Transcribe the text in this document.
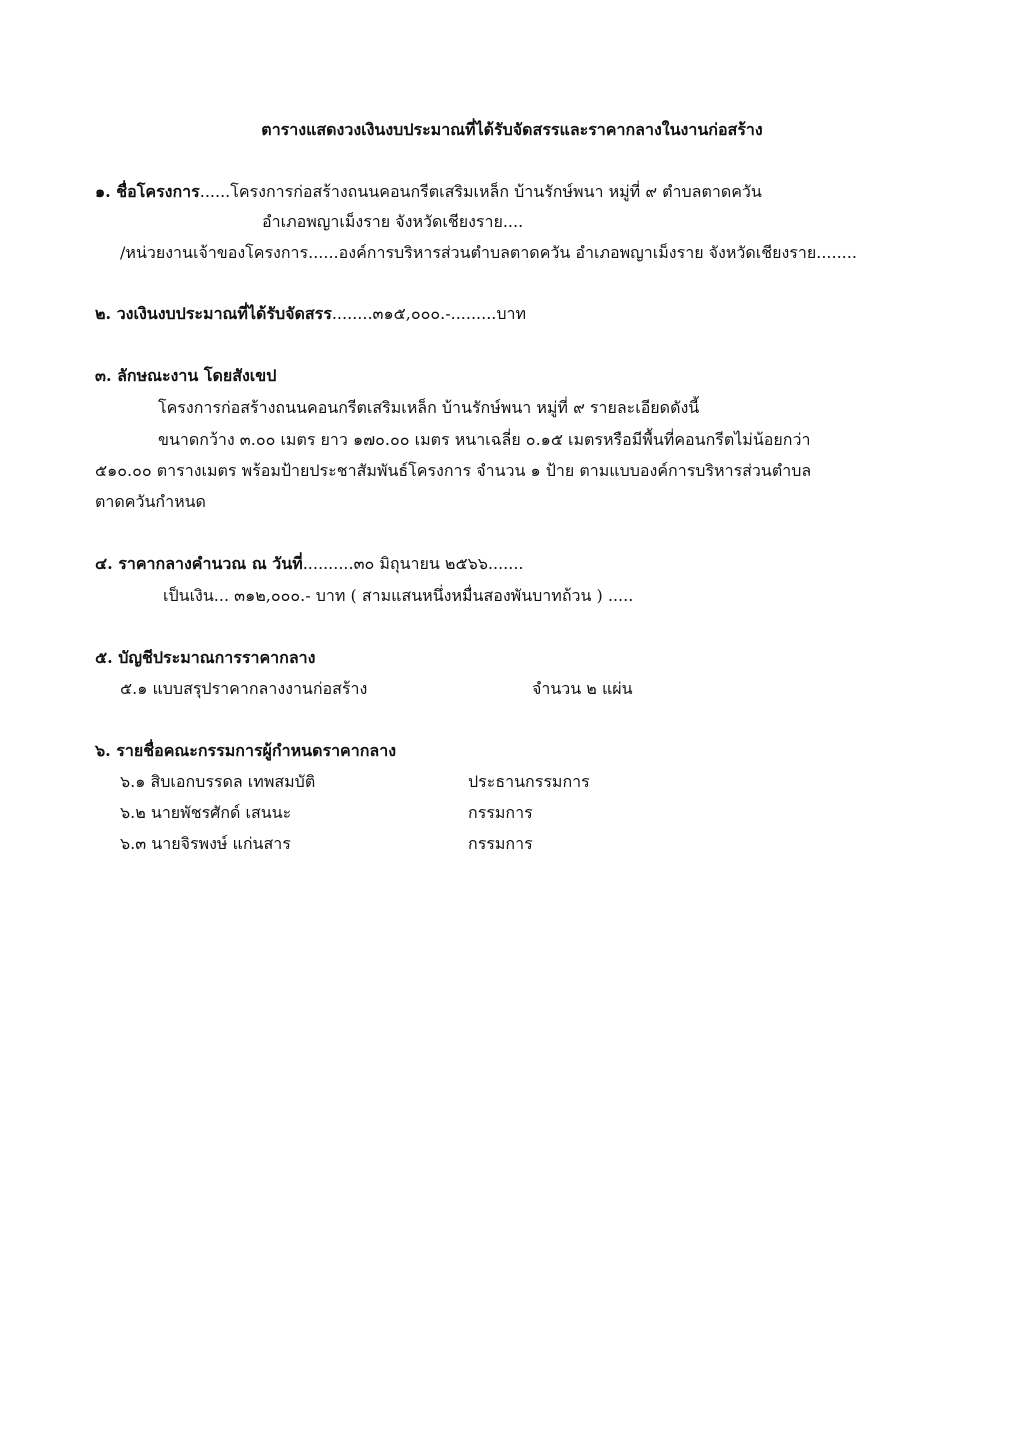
ตารางแสดงวงเงินงบประมาณที่ได้รับจัดสรรและราคากลางในงานก่อสร้าง
๑. ชื่อโครงการ......โครงการก่อสร้างถนนคอนกรีตเสริมเหล็ก บ้านรักษ์พนา หมู่ที่ ๙ ตำบลตาดควัน
อำเภอพญาเม็งราย จังหวัดเชียงราย....
/หน่วยงานเจ้าของโครงการ......องค์การบริหารส่วนตำบลตาดควัน อำเภอพญาเม็งราย จังหวัดเชียงราย........
๒. วงเงินงบประมาณที่ได้รับจัดสรร........๓๑๕,๐๐๐.-.........บาท
๓. ลักษณะงาน โดยสังเขป
โครงการก่อสร้างถนนคอนกรีตเสริมเหล็ก บ้านรักษ์พนา หมู่ที่ ๙ รายละเอียดดังนี้
ขนาดกว้าง ๓.๐๐ เมตร ยาว ๑๗๐.๐๐ เมตร หนาเฉลี่ย ๐.๑๕ เมตรหรือมีพื้นที่คอนกรีตไม่น้อยกว่า
๕๑๐.๐๐ ตารางเมตร พร้อมป้ายประชาสัมพันธ์โครงการ จำนวน ๑ ป้าย ตามแบบองค์การบริหารส่วนตำบล
ตาดควันกำหนด
๔. ราคากลางคำนวณ ณ วันที่..........๓๐ มิถุนายน ๒๕๖๖.......
เป็นเงิน... ๓๑๒,๐๐๐.- บาท ( สามแสนหนึ่งหมื่นสองพันบาทถ้วน ) .....
๕. บัญชีประมาณการราคากลาง
๕.๑ แบบสรุปราคากลางงานก่อสร้าง	จำนวน ๒ แผ่น
๖. รายชื่อคณะกรรมการผู้กำหนดราคากลาง
๖.๑ สิบเอกบรรดล เทพสมบัติ	ประธานกรรมการ
๖.๒ นายพัชรศักด์ เสนนะ	กรรมการ
๖.๓ นายจิรพงษ์ แก่นสาร	กรรมการ
